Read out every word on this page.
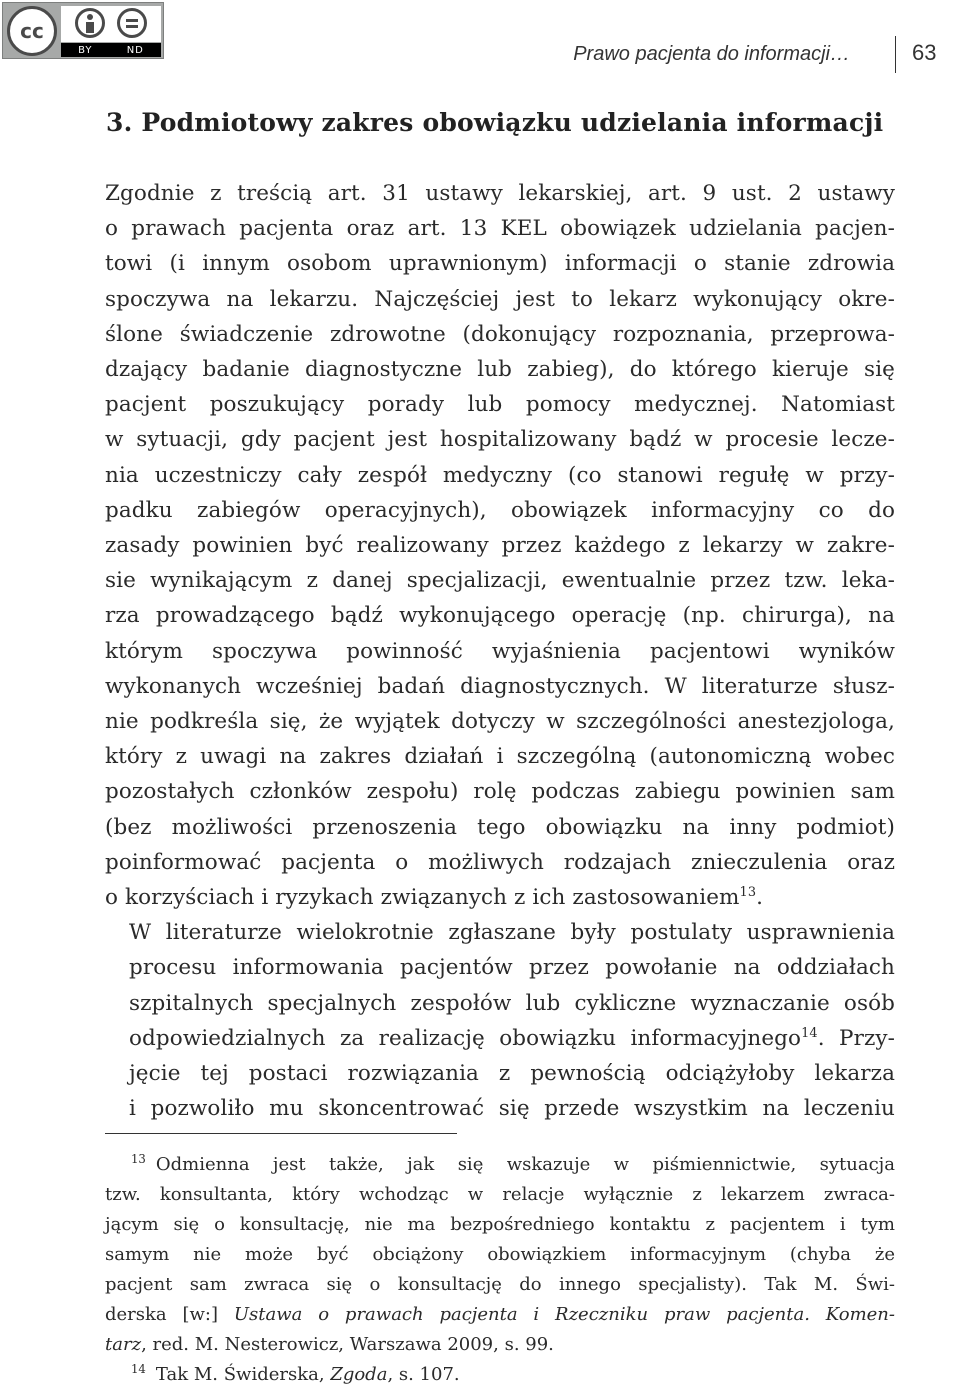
cc
BY	ND	Prawo pacjenta do informacji…	63
3. Podmiotowy zakres obowiązku udzielania informacji

Zgodnie z treścią art. 31 ustawy lekarskiej, art. 9 ust. 2 ustawy
o prawach pacjenta oraz art. 13 KEL obowiązek udzielania pacjen-
towi (i innym osobom uprawnionym) informacji o stanie zdrowia
spoczywa na lekarzu. Najczęściej jest to lekarz wykonujący okre-
ślone świadczenie zdrowotne (dokonujący rozpoznania, przeprowa-
dzający badanie diagnostyczne lub zabieg), do którego kieruje się
pacjent poszukujący porady lub pomocy medycznej. Natomiast
w sytuacji, gdy pacjent jest hospitalizowany bądź w procesie lecze-
nia uczestniczy cały zespół medyczny (co stanowi regułę w przy-
padku zabiegów operacyjnych), obowiązek informacyjny co do
zasady powinien być realizowany przez każdego z lekarzy w zakre-
sie wynikającym z danej specjalizacji, ewentualnie przez tzw. leka-
rza prowadzącego bądź wykonującego operację (np. chirurga), na
którym spoczywa powinność wyjaśnienia pacjentowi wyników
wykonanych wcześniej badań diagnostycznych. W literaturze słusz-
nie podkreśla się, że wyjątek dotyczy w szczególności anestezjologa,
który z uwagi na zakres działań i szczególną (autonomiczną wobec
pozostałych członków zespołu) rolę podczas zabiegu powinien sam
(bez możliwości przenoszenia tego obowiązku na inny podmiot)
poinformować pacjenta o możliwych rodzajach znieczulenia oraz
o korzyściach i ryzykach związanych z ich zastosowaniem$^{13}$.

W literaturze wielokrotnie zgłaszane były postulaty usprawnienia
procesu informowania pacjentów przez powołanie na oddziałach
szpitalnych specjalnych zespołów lub cykliczne wyznaczanie osób
odpowiedzialnych za realizację obowiązku informacyjnego$^{14}$. Przy-
jęcie tej postaci rozwiązania z pewnością odciążyłoby lekarza
i pozwoliło mu skoncentrować się przede wszystkim na leczeniu

$^{13}$ Odmienna jest także, jak się wskazuje w piśmiennictwie, sytuacja
tzw. konsultanta, który wchodząc w relacje wyłącznie z lekarzem zwraca-
jącym się o konsultację, nie ma bezpośredniego kontaktu z pacjentem i tym
samym nie może być obciążony obowiązkiem informacyjnym (chyba że
pacjent sam zwraca się o konsultację do innego specjalisty). Tak M. Świ-
derska [w:] Ustawa o prawach pacjenta i Rzeczniku praw pacjenta. Komen-
tarz, red. M. Nesterowicz, Warszawa 2009, s. 99.

$^{14}$ Tak M. Świderska, Zgoda, s. 107.
